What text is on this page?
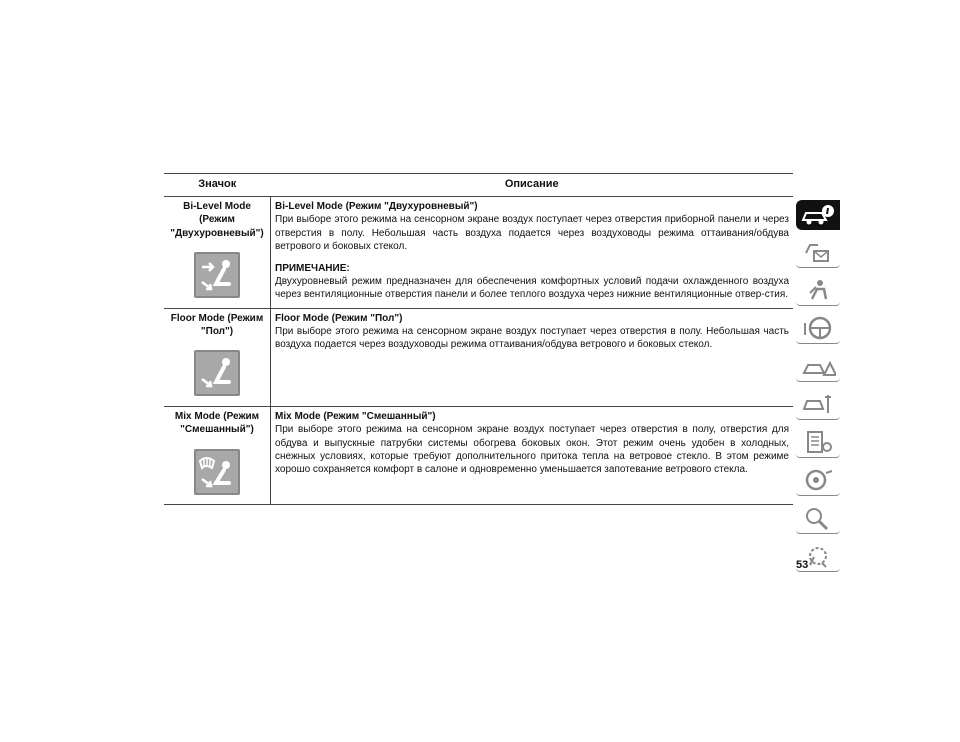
Значок	Описание

Bi-Level Mode (Режим "Двухуровневый")	Bi-Level Mode (Режим "Двухуровневый")
При выборе этого режима на сенсорном экране воздух поступает через отверстия приборной панели и через отверстия в полу. Небольшая часть воздуха подается через воздуховоды режима оттаивания/обдува ветрового и боковых стекол.
ПРИМЕЧАНИЕ:
Двухуровневый режим предназначен для обеспечения комфортных условий подачи охлажденного воздуха через вентиляционные отверстия панели и более теплого воздуха через нижние вентиляционные отвер-стия.

Floor Mode (Режим "Пол")	Floor Mode (Режим "Пол")
При выборе этого режима на сенсорном экране воздух поступает через отверстия в полу. Небольшая часть воздуха подается через воздуховоды режима оттаивания/обдува ветрового и боковых стекол.

Mix Mode (Режим "Смешанный")	Mix Mode (Режим "Смешанный")
При выборе этого режима на сенсорном экране воздух поступает через отверстия в полу, отверстия для обдува и выпускные патрубки системы обогрева боковых окон. Этот режим очень удобен в холодных, снежных условиях, которые требуют дополнительного притока тепла на ветровое стекло. В этом режиме хорошо сохраняется комфорт в салоне и одновременно уменьшается запотевание ветрового стекла.
53
